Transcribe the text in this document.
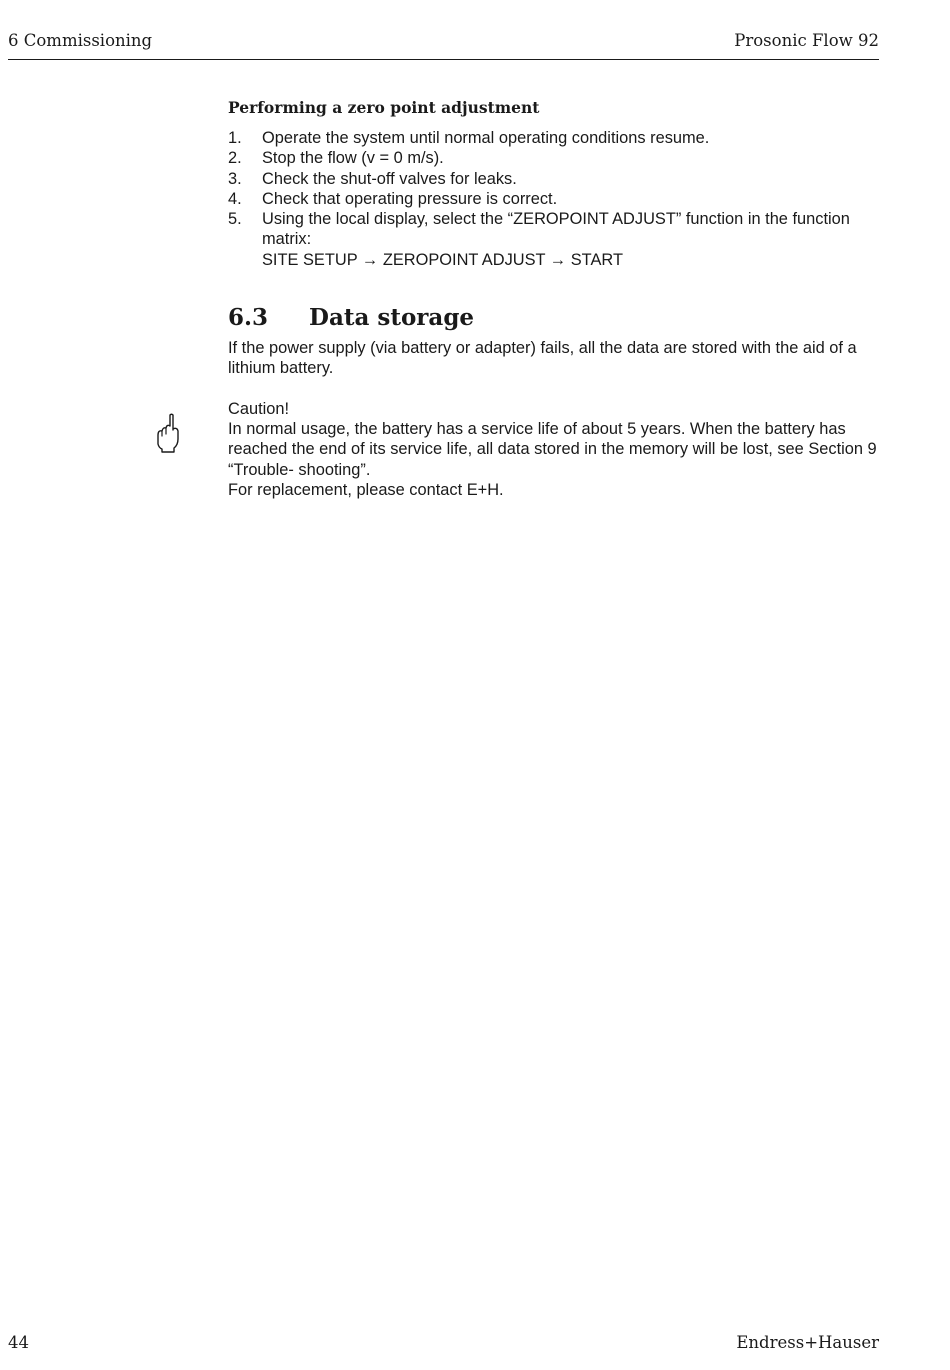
6 Commissioning	Prosonic Flow 92
Performing a zero point adjustment
1. Operate the system until normal operating conditions resume.
2. Stop the flow (v = 0 m/s).
3. Check the shut-off valves for leaks.
4. Check that operating pressure is correct.
5. Using the local display, select the “ZEROPOINT ADJUST” function in the function matrix:
SITE SETUP → ZEROPOINT ADJUST → START
6.3	Data storage

If the power supply (via battery or adapter) fails, all the data are stored with the aid of a lithium battery.

Caution!

In normal usage, the battery has a service life of about 5 years. When the battery has reached the end of its service life, all data stored in the memory will be lost, see Section 9 “Trouble- shooting”.

For replacement, please contact E+H.

44	Endress+Hauser
